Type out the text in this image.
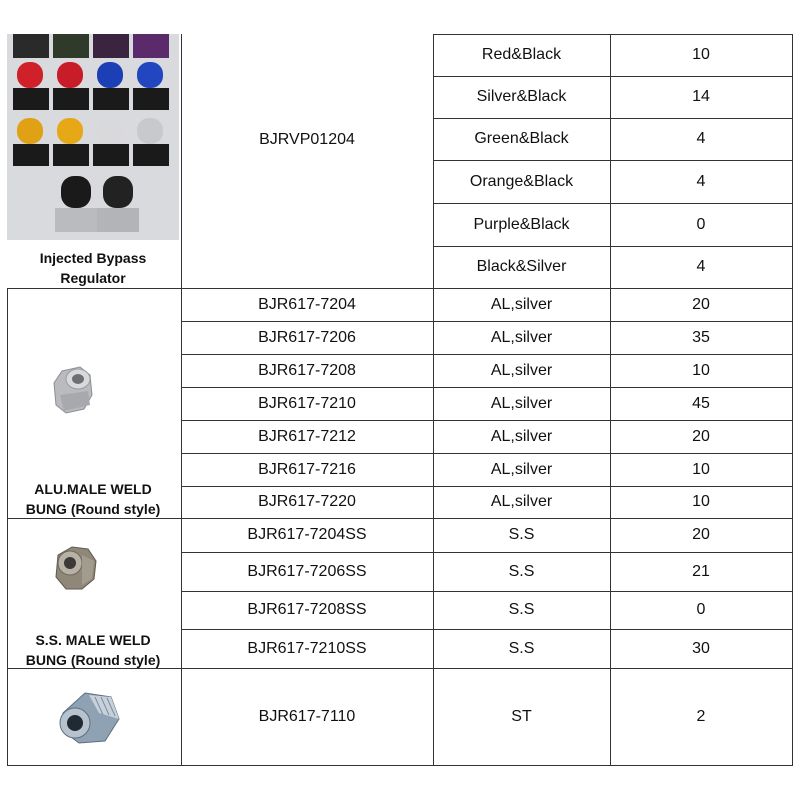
Injected Bypass
Regulator
BJRVP01204
Red&Black	10
Silver&Black	14
Green&Black	4
Orange&Black	4
Purple&Black	0
Black&Silver	4
ALU.MALE WELD
BUNG (Round style)
BJR617-7204	AL,silver	20
BJR617-7206	AL,silver	35
BJR617-7208	AL,silver	10
BJR617-7210	AL,silver	45
BJR617-7212	AL,silver	20
BJR617-7216	AL,silver	10
BJR617-7220	AL,silver	10
S.S. MALE WELD
BUNG (Round style)
BJR617-7204SS	S.S	20
BJR617-7206SS	S.S	21
BJR617-7208SS	S.S	0
BJR617-7210SS	S.S	30
BJR617-7110	ST	2
